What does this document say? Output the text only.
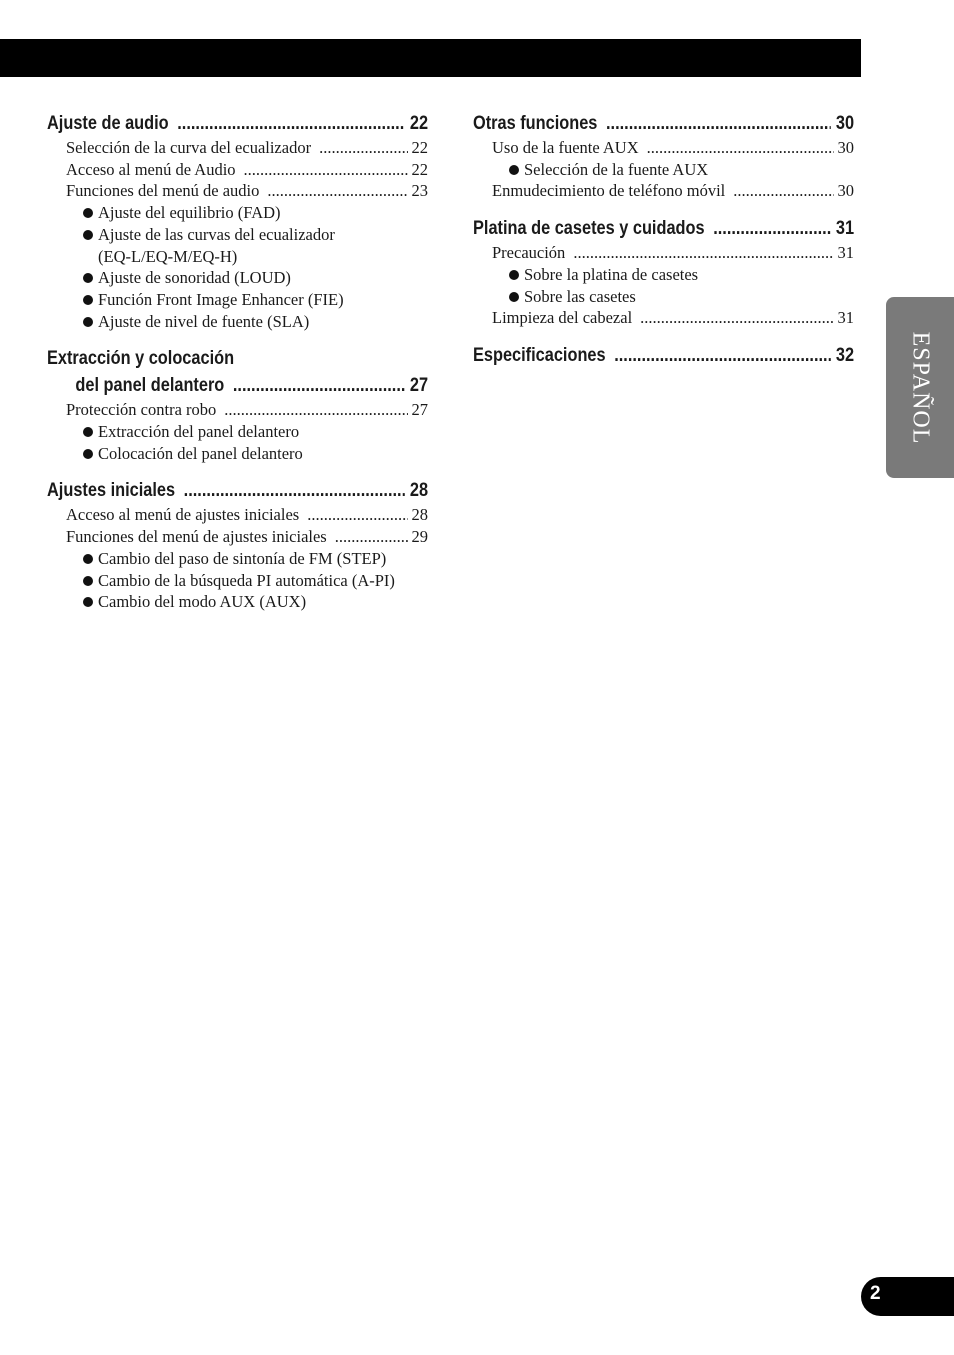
Ajuste de audio .....	22
Selección de la curva del ecualizador .....	22
Acceso al menú de Audio .....	22
Funciones del menú de audio .....	23
Ajuste del equilibrio (FAD)
Ajuste de las curvas del ecualizador
(EQ-L/EQ-M/EQ-H)
Ajuste de sonoridad (LOUD)
Función Front Image Enhancer (FIE)
Ajuste de nivel de fuente (SLA)
Extracción y colocación
del panel delantero .....	27
Protección contra robo .....	27
Extracción del panel delantero
Colocación del panel delantero
Ajustes iniciales .....	28
Acceso al menú de ajustes iniciales .....	28
Funciones del menú de ajustes iniciales .....	29
Cambio del paso de sintonía de FM (STEP)
Cambio de la búsqueda PI automática (A-PI)
Cambio del modo AUX (AUX)
Otras funciones .....	30
Uso de la fuente AUX .....	30
Selección de la fuente AUX
Enmudecimiento de teléfono móvil .....	30
Platina de casetes y cuidados .....	31
Precaución .....	31
Sobre la platina de casetes
Sobre las casetes
Limpieza del cabezal .....	31
Especificaciones .....	32 ESPAÑOL
2
